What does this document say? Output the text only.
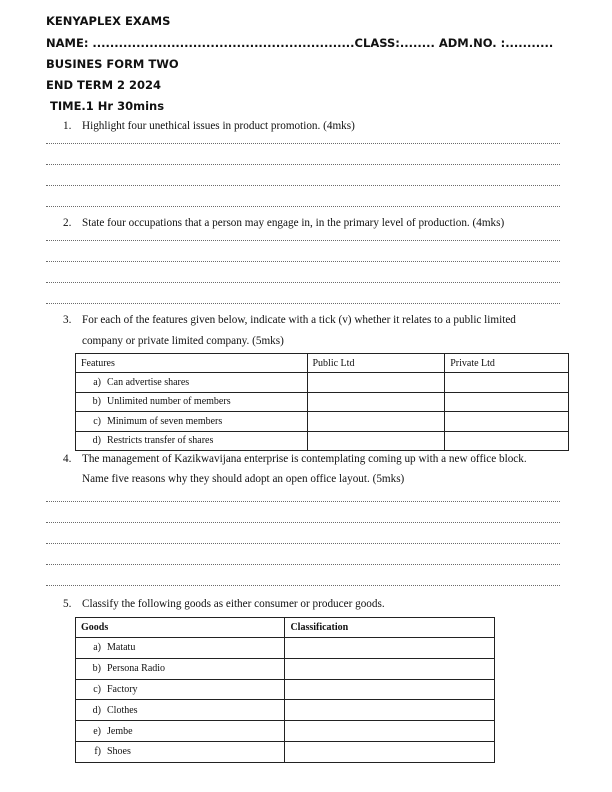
KENYAPLEX EXAMS
NAME: ............................................................CLASS:........ ADM.NO. :...........
BUSINES FORM TWO
END TERM 2 2024
TIME.1 Hr 30mins
1. Highlight four unethical issues in product promotion. (4mks)
2. State four occupations that a person may engage in, in the primary level of production. (4mks)
3. For each of the features given below, indicate with a tick (v) whether it relates to a public limited
company or private limited company. (5mks)
Features	Public Ltd	Private Ltd
a) Can advertise shares		
b) Unlimited number of members		
c) Minimum of seven members		
d) Restricts transfer of shares		
4. The management of Kazikwavijana enterprise is contemplating coming up with a new office block.
Name five reasons why they should adopt an open office layout. (5mks)
5. Classify the following goods as either consumer or producer goods.
Goods	Classification
a) Matatu	
b) Persona Radio	
c) Factory	
d) Clothes	
e) Jembe	
f) Shoes	
